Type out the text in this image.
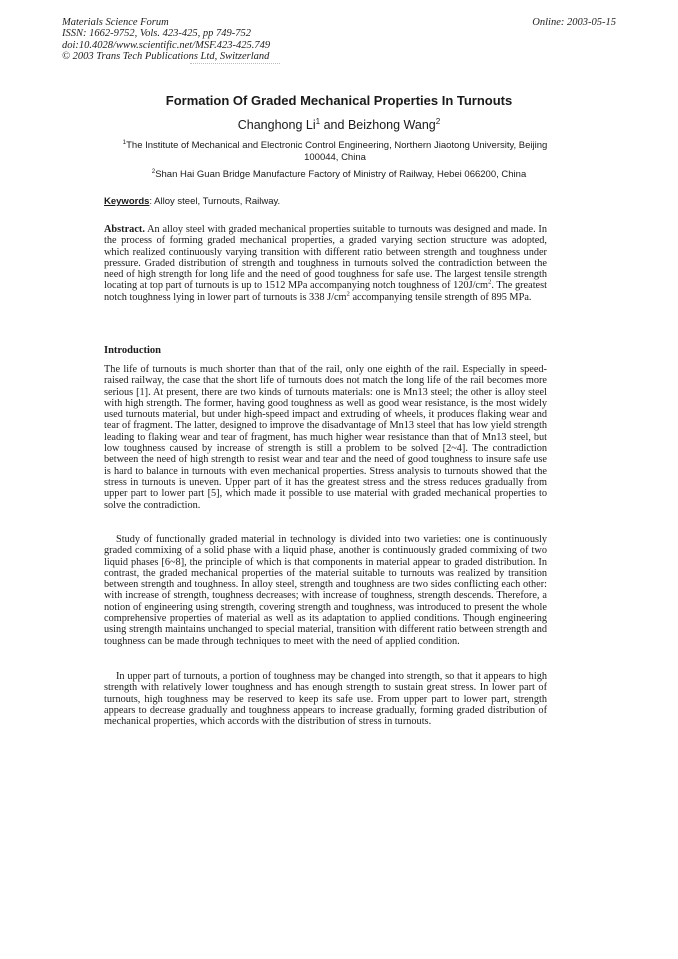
Materials Science Forum
ISSN: 1662-9752, Vols. 423-425, pp 749-752
doi:10.4028/www.scientific.net/MSF.423-425.749
© 2003 Trans Tech Publications Ltd, Switzerland
Online: 2003-05-15
Formation Of Graded Mechanical Properties In Turnouts
Changhong Li$^1$ and Beizhong Wang$^2$
$^1$The Institute of Mechanical and Electronic Control Engineering, Northern Jiaotong University, Beijing 100044, China
$^2$Shan Hai Guan Bridge Manufacture Factory of Ministry of Railway, Hebei 066200, China
Keywords: Alloy steel, Turnouts, Railway.
Abstract. An alloy steel with graded mechanical properties suitable to turnouts was designed and made. In the process of forming graded mechanical properties, a graded varying section structure was adopted, which realized continuously varying transition with different ratio between strength and toughness under pressure. Graded distribution of strength and toughness in turnouts solved the contradiction between the need of high strength for long life and the need of good toughness for safe use. The largest tensile strength locating at top part of turnouts is up to 1512 MPa accompanying notch toughness of $120J/cm^2$. The greatest notch toughness lying in lower part of turnouts is 338 $J/cm^2$ accompanying tensile strength of 895 MPa.
Introduction
The life of turnouts is much shorter than that of the rail, only one eighth of the rail. Especially in speed-raised railway, the case that the short life of turnouts does not match the long life of the rail becomes more serious [1]. At present, there are two kinds of turnouts materials: one is Mn13 steel; the other is alloy steel with high strength. The former, having good toughness as well as good wear resistance, is the most widely used turnouts material, but under high-speed impact and extruding of wheels, it produces flaking wear and tear of fragment. The latter, designed to improve the disadvantage of Mn13 steel that has low yield strength leading to flaking wear and tear of fragment, has much higher wear resistance than that of Mn13 steel, but low toughness caused by increase of strength is still a problem to be solved [2~4]. The contradiction between the need of high strength to resist wear and tear and the need of good toughness to insure safe use is hard to balance in turnouts with even mechanical properties. Stress analysis to turnouts showed that the stress in turnouts is uneven. Upper part of it has the greatest stress and the stress reduces gradually from upper part to lower part [5], which made it possible to use material with graded mechanical properties to solve the contradiction.
Study of functionally graded material in technology is divided into two varieties: one is continuously graded commixing of a solid phase with a liquid phase, another is continuously graded commixing of two liquid phases [6~8], the principle of which is that components in material appear to graded distribution. In contrast, the graded mechanical properties of the material suitable to turnouts was realized by transition between strength and toughness. In alloy steel, strength and toughness are two sides conflicting each other: with increase of strength, toughness decreases; with increase of toughness, strength descends. Therefore, a notion of engineering using strength, covering strength and toughness, was introduced to present the whole comprehensive properties of material as well as its adaptation to applied conditions. Though engineering using strength maintains unchanged to special material, transition with different ratio between strength and toughness can be made through techniques to meet with the need of applied condition.
In upper part of turnouts, a portion of toughness may be changed into strength, so that it appears to high strength with relatively lower toughness and has enough strength to sustain great stress. In lower part of turnouts, high toughness may be reserved to keep its safe use. From upper part to lower part, strength appears to decrease gradually and toughness appears to increase gradually, forming graded distribution of mechanical properties, which accords with the distribution of stress in turnouts.
